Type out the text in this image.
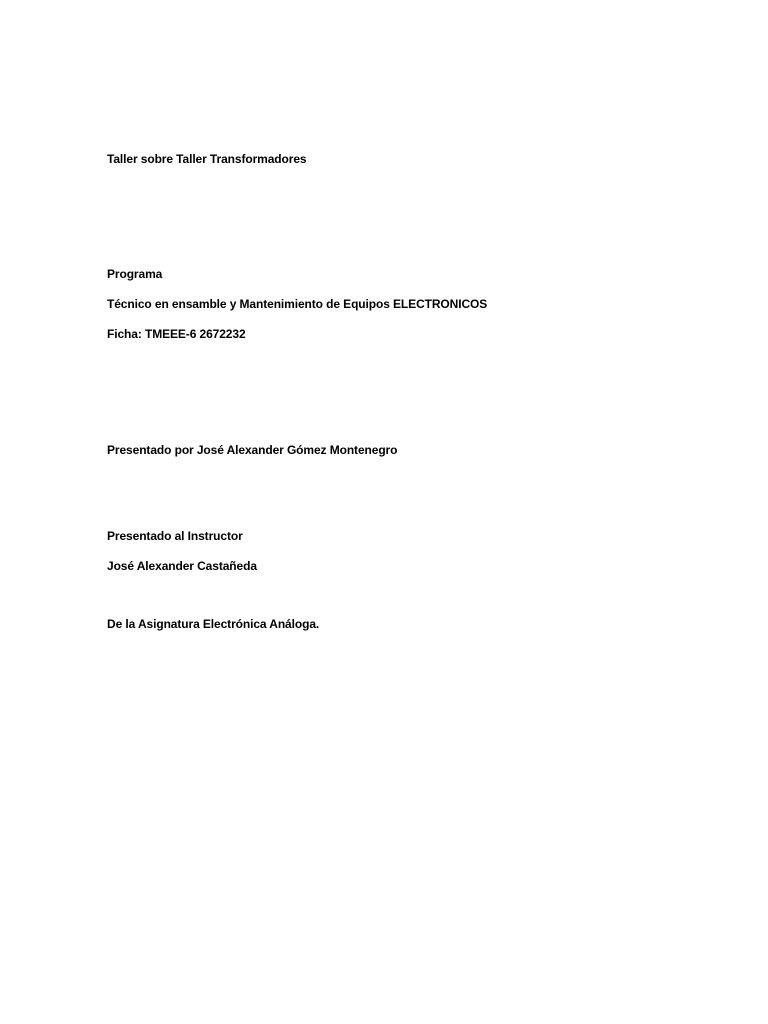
Taller sobre Taller Transformadores
Programa
Técnico en ensamble y Mantenimiento de Equipos ELECTRONICOS
Ficha: TMEEE-6 2672232
Presentado por José Alexander Gómez Montenegro
Presentado al Instructor
José Alexander Castañeda
De la Asignatura Electrónica Análoga.
